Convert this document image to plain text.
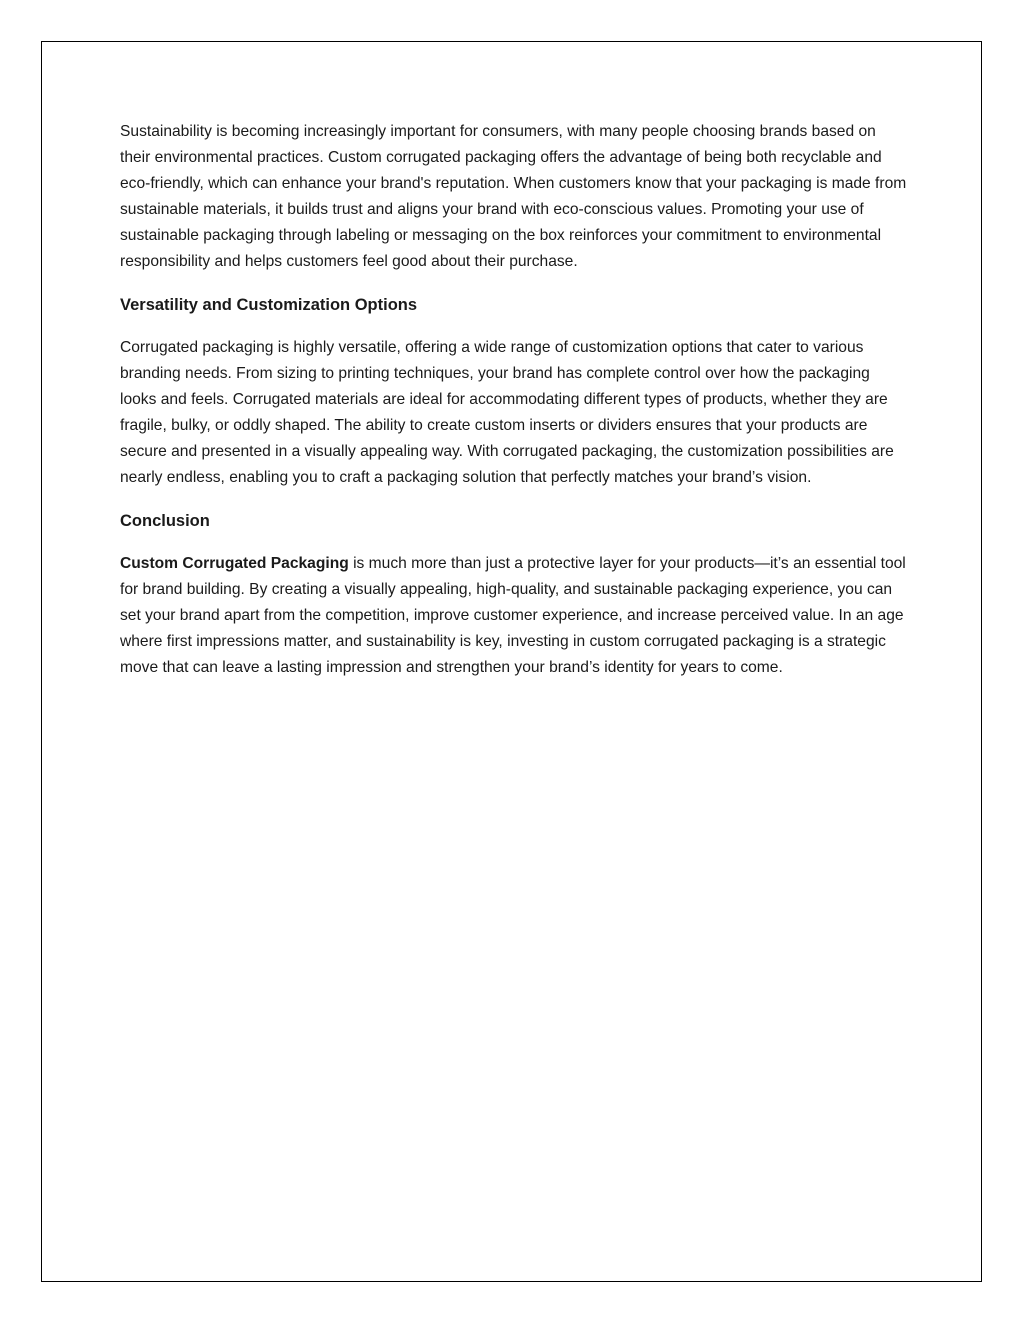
Sustainability is becoming increasingly important for consumers, with many people choosing brands based on their environmental practices. Custom corrugated packaging offers the advantage of being both recyclable and eco-friendly, which can enhance your brand's reputation. When customers know that your packaging is made from sustainable materials, it builds trust and aligns your brand with eco-conscious values. Promoting your use of sustainable packaging through labeling or messaging on the box reinforces your commitment to environmental responsibility and helps customers feel good about their purchase.

Versatility and Customization Options

Corrugated packaging is highly versatile, offering a wide range of customization options that cater to various branding needs. From sizing to printing techniques, your brand has complete control over how the packaging looks and feels. Corrugated materials are ideal for accommodating different types of products, whether they are fragile, bulky, or oddly shaped. The ability to create custom inserts or dividers ensures that your products are secure and presented in a visually appealing way. With corrugated packaging, the customization possibilities are nearly endless, enabling you to craft a packaging solution that perfectly matches your brand’s vision.

Conclusion

Custom Corrugated Packaging is much more than just a protective layer for your products—it’s an essential tool for brand building. By creating a visually appealing, high-quality, and sustainable packaging experience, you can set your brand apart from the competition, improve customer experience, and increase perceived value. In an age where first impressions matter, and sustainability is key, investing in custom corrugated packaging is a strategic move that can leave a lasting impression and strengthen your brand’s identity for years to come.
